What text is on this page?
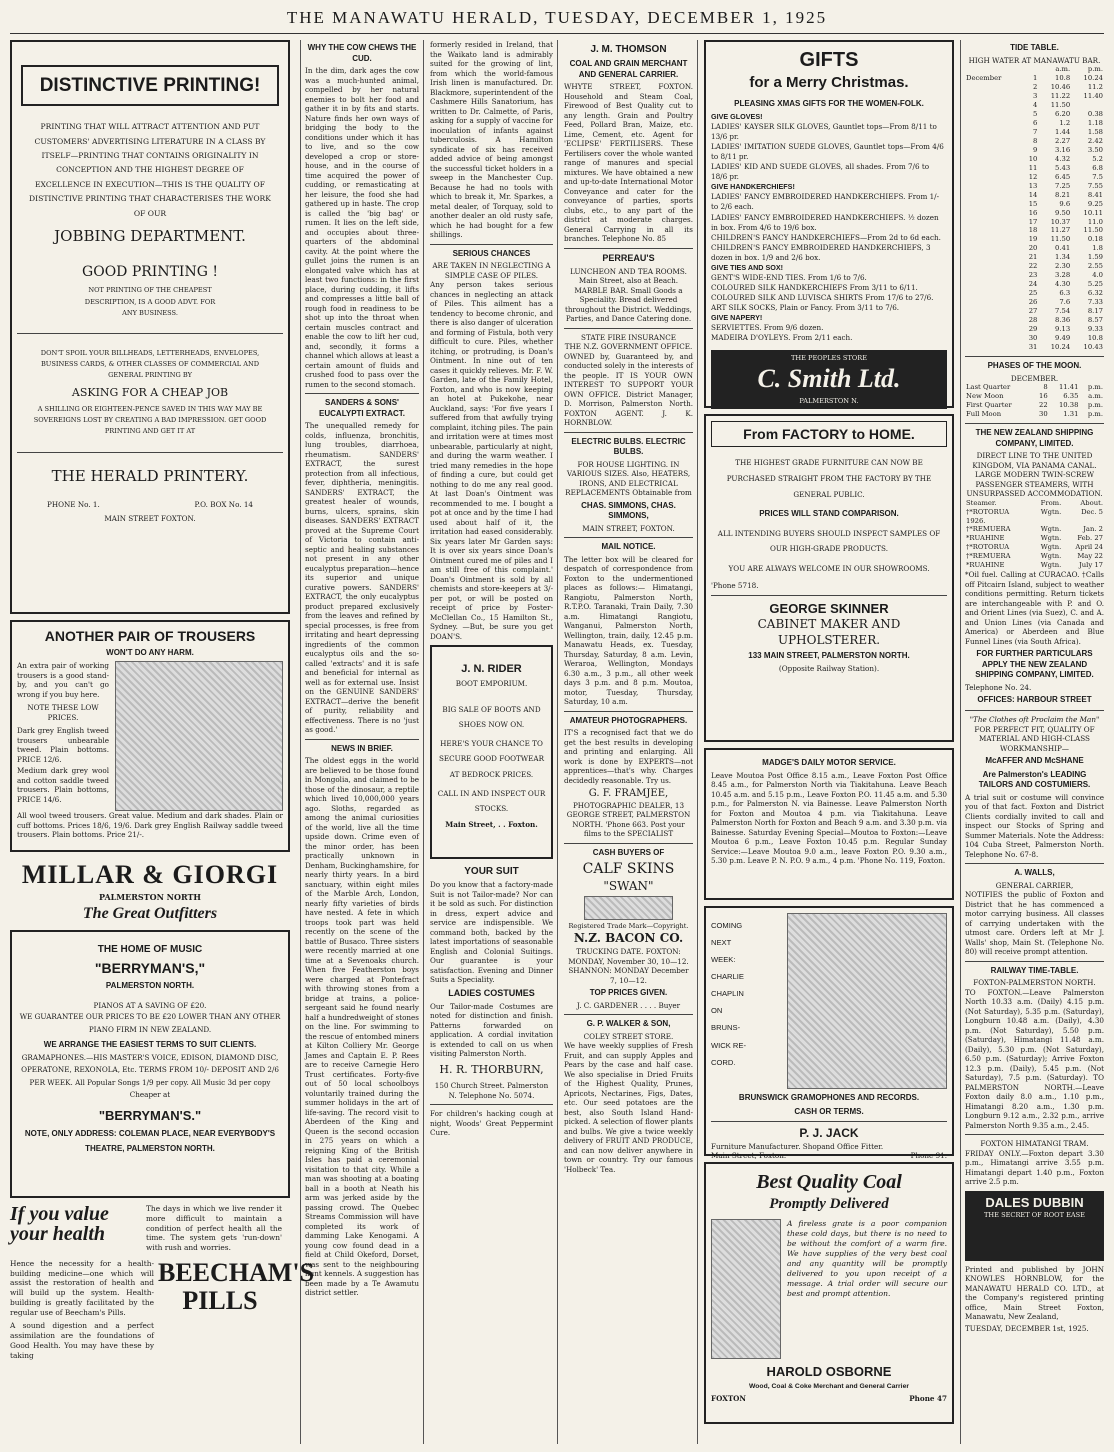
THE MANAWATU HERALD, TUESDAY, DECEMBER 1, 1925
DISTINCTIVE PRINTING!
PRINTING THAT WILL ATTRACT ATTENTION AND PUT CUSTOMERS' ADVERTISING LITERATURE IN A CLASS BY ITSELF—PRINTING THAT CONTAINS ORIGINALITY IN CONCEPTION AND THE HIGHEST DEGREE OF EXCELLENCE IN EXECUTION—THIS IS THE QUALITY OF DISTINCTIVE PRINTING THAT CHARACTERISES THE WORK OF OUR
JOBBING DEPARTMENT.
GOOD PRINTING !
NOT PRINTING OF THE CHEAPEST DESCRIPTION, IS A GOOD ADVT. FOR ANY BUSINESS.
DON'T SPOIL YOUR BILLHEADS, LETTERHEADS, ENVELOPES, BUSINESS CARDS, & OTHER CLASSES OF COMMERCIAL AND GENERAL PRINTING BY
ASKING FOR A CHEAP JOB
A SHILLING OR EIGHTEEN-PENCE SAVED IN THIS WAY MAY BE SOVEREIGNS LOST BY CREATING A BAD IMPRESSION. GET GOOD PRINTING AND GET IT AT
THE HERALD PRINTERY.
PHONE No. 1.	P.O. BOX No. 14
MAIN STREET FOXTON.
ANOTHER PAIR OF TROUSERS
WON'T DO ANY HARM.
An extra pair of working trousers is a good stand-by, and you can't go wrong if you buy here.
NOTE THESE LOW PRICES.
Dark grey English tweed trousers unbearable tweed. Plain bottoms. PRICE 12/6.
Medium dark grey wool and cotton saddle tweed trousers. Plain bottoms, PRICE 14/6.
All wool tweed trousers. Great value. Medium and dark shades. Plain or cuff bottoms. Prices 18/6, 19/6. Dark grey English Railway saddle tweed trousers. Plain bottoms. Price 21/-.
MILLAR & GIORGI
PALMERSTON NORTH
The Great Outfitters
THE HOME OF MUSIC
"BERRYMAN'S,"
PALMERSTON NORTH.
PIANOS AT A SAVING OF £20.
WE GUARANTEE OUR PRICES TO BE £20 LOWER THAN ANY OTHER PIANO FIRM IN NEW ZEALAND.
WE ARRANGE THE EASIEST TERMS TO SUIT CLIENTS.
GRAMAPHONES.—HIS MASTER'S VOICE, EDISON, DIAMOND DISC, OPERATONE, REXONOLA, Etc. TERMS FROM 10/- DEPOSIT AND 2/6 PER WEEK. All Popular Songs 1/9 per copy. All Music 3d per copy Cheaper at
"BERRYMAN'S."
NOTE, ONLY ADDRESS: COLEMAN PLACE, NEAR EVERYBODY'S THEATRE, PALMERSTON NORTH.
If you value your health
The days in which we live render it more difficult to maintain a condition of perfect health all the time. The system gets 'run-down' with rush and worries.
Hence the necessity for a health-building medicine—one which will assist the restoration of health and will build up the system. Health-building is greatly facilitated by the regular use of Beecham's Pills.
A sound digestion and a perfect assimilation are the foundations of Good Health. You may have these by taking
BEECHAM'S PILLS
WHY THE COW CHEWS THE CUD.
In the dim, dark ages the cow was a much-hunted animal, compelled by her natural enemies to bolt her food and gather it in by fits and starts. Nature finds her own ways of bridging the body to the conditions under which it has to live, and so the cow developed a crop or store-house, and in the course of time acquired the power of cudding, or remasticating at her leisure, the food she had gathered up in haste. The crop is called the 'big bag' or rumen. It lies on the left side, and occupies about three-quarters of the abdominal cavity. At the point where the gullet joins the rumen is an elongated valve which has at least two functions: in the first place, during cudding, it lifts and compresses a little ball of rough food in readiness to be shot up into the throat when certain muscles contract and enable the cow to lift her cud, and, secondly, it forms a channel which allows at least a certain amount of fluids and crushed food to pass over the rumen to the second stomach.
SANDERS & SONS' EUCALYPTI EXTRACT.
The unequalled remedy for colds, influenza, bronchitis, lung troubles, diarrhoea, rheumatism. SANDERS' EXTRACT, the surest protection from all infectious, fever, diphtheria, meningitis. SANDERS' EXTRACT, the greatest healer of wounds, burns, ulcers, sprains, skin diseases. SANDERS' EXTRACT proved at the Supreme Court of Victoria to contain anti-septic and healing substances not present in any other eucalyptus preparation—hence its superior and unique curative powers. SANDERS' EXTRACT, the only eucalyptus product prepared exclusively from the leaves and refined by special processes, is free from irritating and heart depressing ingredients of the common eucalyptus oils and the so-called 'extracts' and it is safe and beneficial for internal as well as for external use. Insist on the GENUINE SANDERS' EXTRACT—derive the benefit of purity, reliability and effectiveness. There is no 'just as good.'
NEWS IN BRIEF.
The oldest eggs in the world are believed to be those found in Mongolia, and claimed to be those of the dinosaur, a reptile which lived 10,000,000 years ago. Sloths, regarded as among the animal curiosities of the world, live all the time upside down. Crime even of the minor order, has been practically unknown in Denham, Buckinghamshire, for nearly thirty years. In a bird sanctuary, within eight miles of the Marble Arch, London, nearly fifty varieties of birds have nested. A fete in which troops took part was held recently on the scene of the battle of Busaco. Three sisters were recently married at one time at a Sevenoaks church. When five Featherston boys were charged at Pontefract with throwing stones from a bridge at trains, a police-sergeant said he found nearly half a hundredweight of stones on the line. For swimming to the rescue of entombed miners at Kilton Colliery Mr. George James and Captain E. P. Rees are to receive Carnegie Hero Trust certificates. Forty-five out of 50 local schoolboys voluntarily trained during the summer holidays in the art of life-saving. The record visit to Aberdeen of the King and Queen is the second occasion in 275 years on which a reigning King of the British Isles has paid a ceremonial visitation to that city. While a man was shooting at a boating ball in a booth at Neath his arm was jerked aside by the passing crowd. The Quebec Streams Commission will have completed its work of damming Lake Kenogami. A young cow found dead in a field at Child Okeford, Dorset, was sent to the neighbouring hunt kennels. A suggestion has been made by a Te Awamutu district settler.
formerly resided in Ireland, that the Waikato land is admirably suited for the growing of lint, from which the world-famous Irish linen is manufactured. Dr. Blackmore, superintendent of the Cashmere Hills Sanatorium, has written to Dr. Calmette, of Paris, asking for a supply of vaccine for inoculation of infants against tuberculosis. A Hamilton syndicate of six has received added advice of being amongst the successful ticket holders in a sweep in the Manchester Cup. Because he had no tools with which to break it, Mr. Sparkes, a metal dealer, of Torquay, sold to another dealer an old rusty safe, which he had bought for a few shillings.
SERIOUS CHANCES
ARE TAKEN IN NEGLECTING A SIMPLE CASE OF PILES.
Any person takes serious chances in neglecting an attack of Piles. This ailment has a tendency to become chronic, and there is also danger of ulceration and forming of Fistula, both very difficult to cure. Piles, whether itching, or protruding, is Doan's Ointment. In nine out of ten cases it quickly relieves. Mr. F. W. Garden, late of the Family Hotel, Foxton, and who is now keeping an hotel at Pukekohe, near Auckland, says: 'For five years I suffered from that awfully trying complaint, itching piles. The pain and irritation were at times most unbearable, particularly at night, and during the warm weather. I tried many remedies in the hope of finding a cure, but could get nothing to do me any real good. At last Doan's Ointment was recommended to me. I bought a pot at once and by the time I had used about half of it, the irritation had eased considerably. Six years later Mr Garden says: It is over six years since Doan's Ointment cured me of piles and I am still free of this complaint.' Doan's Ointment is sold by all chemists and store-keepers at 3/- per pot, or will be posted on receipt of price by Foster-McClellan Co., 15 Hamilton St., Sydney. —But, be sure you get DOAN'S.
J. N. RIDER
BOOT EMPORIUM.
BIG SALE OF BOOTS AND SHOES NOW ON.
HERE'S YOUR CHANCE TO SECURE GOOD FOOTWEAR AT BEDROCK PRICES.
CALL IN AND INSPECT OUR STOCKS.
Main Street, . . Foxton.
YOUR SUIT
Do you know that a factory-made Suit is not Tailor-made? Nor can it be sold as such. For distinction in dress, expert advice and service are indispensible. We command both, backed by the latest importations of seasonable English and Colonial Suitings. Our guarantee is your satisfaction. Evening and Dinner Suits a Speciality.
LADIES COSTUMES
Our Tailor-made Costumes are noted for distinction and finish. Patterns forwarded on application. A cordial invitation is extended to call on us when visiting Palmerston North.
H. R. THORBURN,
150 Church Street. Palmerston N. Telephone No. 5074.
For children's hacking cough at night, Woods' Great Peppermint Cure.
J. M. THOMSON
COAL AND GRAIN MERCHANT AND GENERAL CARRIER.
WHYTE STREET, FOXTON. Household and Steam Coal, Firewood of Best Quality cut to any length. Grain and Poultry Feed, Pollard Bran, Maize, etc. Lime, Cement, etc. Agent for 'ECLIPSE' FERTILISERS. These Fertilisers cover the whole wanted range of manures and special mixtures. We have obtained a new and up-to-date International Motor Conveyance and cater for the conveyance of parties, sports clubs, etc., to any part of the district at moderate charges. General Carrying in all its branches. Telephone No. 85
PERREAU'S
LUNCHEON AND TEA ROOMS. Main Street, also at Beach. MARBLE BAR. Small Goods a Speciality. Bread delivered throughout the District. Weddings, Parties, and Dance Catering done.
STATE FIRE INSURANCE
THE N.Z. GOVERNMENT OFFICE.
OWNED by, Guaranteed by, and conducted solely in the interests of the people. IT IS YOUR OWN INTEREST TO SUPPORT YOUR OWN OFFICE. District Manager, D. Morrison, Palmerston North. FOXTON AGENT. J. K. HORNBLOW.
ELECTRIC BULBS. ELECTRIC BULBS.
FOR HOUSE LIGHTING. IN VARIOUS SIZES. Also, HEATERS, IRONS, AND ELECTRICAL REPLACEMENTS Obtainable from
CHAS. SIMMONS, CHAS. SIMMONS,
MAIN STREET, FOXTON.
MAIL NOTICE.
The letter box will be cleared for despatch of correspondence from Foxton to the undermentioned places as follows:— Himatangi, Rangiotu, Palmerston North, R.T.P.O. Taranaki, Train Daily, 7.30 a.m. Himatangi Rangiotu, Wanganui, Palmerston North, Wellington, train, daily, 12.45 p.m. Manawatu Heads, ex. Tuesday, Thursday, Saturday, 8 a.m. Levin, Weraroa, Wellington, Mondays 6.30 a.m., 3 p.m., all other week days 3 p.m. and 8 p.m. Moutoa, motor, Tuesday, Thursday, Saturday, 10 a.m.
AMATEUR PHOTOGRAPHERS.
IT'S a recognised fact that we do get the best results in developing and printing and enlarging. All work is done by EXPERTS—not apprentices—that's why. Charges decidedly reasonable. Try us.
G. F. FRAMJEE,
PHOTOGRAPHIC DEALER, 13 GEORGE STREET, PALMERSTON NORTH. 'Phone 663. Post your films to the SPECIALIST
CASH BUYERS OF
CALF SKINS
"SWAN"
Registered Trade Mark—Copyright.
N.Z. BACON CO.
TRUCKING DATE. FOXTON: MONDAY, November 30, 10—12. SHANNON: MONDAY December 7, 10—12.
TOP PRICES GIVEN.
J. C. GARDENER . . . . Buyer
G. P. WALKER & SON,
COLEY STREET STORE.
We have weekly supplies of Fresh Fruit, and can supply Apples and Pears by the case and half case. We also specialise in Dried Fruits of the Highest Quality, Prunes, Apricots, Nectarines, Figs, Dates, etc. Our seed potatoes are the best, also South Island Hand-picked. A selection of flower plants and bulbs. We give a twice weekly delivery of FRUIT AND PRODUCE, and can now deliver anywhere in town or country. Try our famous 'Holbeck' Tea.
GIFTS
for a Merry Christmas.
PLEASING XMAS GIFTS FOR THE WOMEN-FOLK.
GIVE GLOVES!
LADIES' KAYSER SILK GLOVES, Gauntlet tops—From 8/11 to 13/6 pr.
LADIES' IMITATION SUEDE GLOVES, Gauntlet tops—From 4/6 to 8/11 pr.
LADIES' KID AND SUEDE GLOVES, all shades. From 7/6 to 18/6 pr.
GIVE HANDKERCHIEFS!
LADIES' FANCY EMBROIDERED HANDKERCHIEFS. From 1/- to 2/6 each.
LADIES' FANCY EMBROIDERED HANDKERCHIEFS. ½ dozen in box. From 4/6 to 19/6 box.
CHILDREN'S FANCY HANDKERCHIEFS—From 2d to 6d each.
CHILDREN'S FANCY EMBROIDERED HANDKERCHIEFS, 3 dozen in box. 1/9 and 2/6 box.
GIVE TIES AND SOX!
GENT'S WIDE-END TIES. From 1/6 to 7/6.
COLOURED SILK HANDKERCHIEFS From 3/11 to 6/11.
COLOURED SILK AND LUVISCA SHIRTS From 17/6 to 27/6.
ART SILK SOCKS, Plain or Fancy. From 3/11 to 7/6.
GIVE NAPERY!
SERVIETTES. From 9/6 dozen.
MADEIRA D'OYLEYS. From 2/11 each.
THE PEOPLES STORE
C. Smith Ltd.
PALMERSTON N.
From FACTORY to HOME.
THE HIGHEST GRADE FURNITURE CAN NOW BE PURCHASED STRAIGHT FROM THE FACTORY BY THE GENERAL PUBLIC.
PRICES WILL STAND COMPARISON.
ALL INTENDING BUYERS SHOULD INSPECT SAMPLES OF OUR HIGH-GRADE PRODUCTS.
YOU ARE ALWAYS WELCOME IN OUR SHOWROOMS.
'Phone 5718.
GEORGE SKINNER
CABINET MAKER AND UPHOLSTERER.
133 MAIN STREET, PALMERSTON NORTH.
(Opposite Railway Station).
MADGE'S DAILY MOTOR SERVICE.
Leave Moutoa Post Office 8.15 a.m., Leave Foxton Post Office 8.45 a.m., for Palmerston North via Tiakitahuna. Leave Beach 10.45 a.m. and 5.15 p.m., Leave Foxton P.O. 11.45 a.m. and 5.30 p.m., for Palmerston N. via Bainesse. Leave Palmerston North for Foxton and Moutoa 4 p.m. via Tiakitahuna. Leave Palmerston North for Foxton and Beach 9 a.m. and 3.30 p.m. via Bainesse. Saturday Evening Special—Moutoa to Foxton:—Leave Moutoa 6 p.m., Leave Foxton 10.45 p.m. Regular Sunday Service:—Leave Moutoa 9.0 a.m., leave Foxton P.O. 9.30 a.m., 5.30 p.m. Leave P. N. P.O. 9 a.m., 4 p.m. 'Phone No. 119, Foxton.
COMING
NEXT
WEEK:
CHARLIE
CHAPLIN
ON
BRUNS-
WICK RE-
CORD.
BRUNSWICK GRAMOPHONES AND RECORDS.
CASH OR TERMS.
P. J. JACK
Furniture Manufacturer. Shopand Office Fitter.
Main Street, Foxton.	Phone 91.
Best Quality Coal
Promptly Delivered
A fireless grate is a poor companion these cold days, but there is no need to be without the comfort of a warm fire. We have supplies of the very best coal and any quantity will be promptly delivered to you upon receipt of a message. A trial order will secure our best and prompt attention.
HAROLD OSBORNE
Wood, Coal & Coke Merchant and General Carrier
FOXTON	Phone 47
TIDE TABLE.
HIGH WATER AT MANAWATU BAR.
		a.m.	p.m.
December	1	10.8	10.24
	2	10.46	11.2
	3	11.22	11.40
	4	11.50	
	5	6.20	0.38
	6	1.2	1.18
	7	1.44	1.58
	8	2.27	2.42
	9	3.16	3.50
	10	4.32	5.2
	11	5.43	6.8
	12	6.45	7.5
	13	7.25	7.55
	14	8.21	8.41
	15	9.6	9.25
	16	9.50	10.11
	17	10.37	11.0
	18	11.27	11.50
	19	11.50	0.18
	20	0.41	1.8
	21	1.34	1.59
	22	2.30	2.55
	23	3.28	4.0
	24	4.30	5.25
	25	6.3	6.32
	26	7.6	7.33
	27	7.54	8.17
	28	8.36	8.57
	29	9.13	9.33
	30	9.49	10.8
	31	10.24	10.43
PHASES OF THE MOON.
DECEMBER.
Last Quarter	8	11.41	p.m.
New Moon	16	6.35	a.m.
First Quarter	22	10.38	p.m.
Full Moon	30	1.31	p.m.
THE NEW ZEALAND SHIPPING COMPANY, LIMITED.
DIRECT LINE TO THE UNITED KINGDOM, VIA PANAMA CANAL.
LARGE MODERN TWIN-SCREW PASSENGER STEAMERS, WITH UNSURPASSED ACCOMMODATION.
Steamer.	From.	About.
†*ROTORUA	Wgtn.	Dec. 5
1926.		
†*REMUERA	Wgtn.	Jan. 2
*RUAHINE	Wgtn.	Feb. 27
†*ROTORUA	Wgtn.	April 24
†*REMUERA	Wgtn.	May 22
*RUAHINE	Wgtn.	July 17
*Oil fuel. Calling at CURACAO. †Calls off Pitcairn Island, subject to weather conditions permitting. Return tickets are interchangeable with P. and O. and Orient Lines (via Suez), C. and A. and Union Lines (via Canada and America) or Aberdeen and Blue Funnel Lines (via South Africa).
FOR FURTHER PARTICULARS APPLY THE NEW ZEALAND SHIPPING COMPANY, LIMITED.
Telephone No. 24.
OFFICES: HARBOUR STREET
"The Clothes oft Proclaim the Man"
FOR PERFECT FIT, QUALITY OF MATERIAL AND HIGH-CLASS WORKMANSHIP—
McAFFER AND McSHANE
Are Palmerston's LEADING TAILORS AND COSTUMIERS.
A trial suit or costume will convince you of that fact. Foxton and District Clients cordially invited to call and inspect our Stocks of Spring and Summer Materials. Note the Address: 104 Cuba Street, Palmerston North. Telephone No. 67-8.
A. WALLS,
GENERAL CARRIER,
NOTIFIES the public of Foxton and District that he has commenced a motor carrying business. All classes of carrying undertaken with the utmost care. Orders left at Mr J. Walls' shop, Main St. (Telephone No. 80) will receive prompt attention.
RAILWAY TIME-TABLE.
FOXTON-PALMERSTON NORTH.
TO FOXTON.—Leave Palmerston North 10.33 a.m. (Daily) 4.15 p.m. (Not Saturday), 5.35 p.m. (Saturday), Longburn 10.48 a.m. (Daily), 4.30 p.m. (Not Saturday), 5.50 p.m. (Saturday), Himatangi 11.48 a.m. (Daily), 5.30 p.m. (Not Saturday), 6.50 p.m. (Saturday); Arrive Foxton 12.3 p.m. (Daily), 5.45 p.m. (Not Saturday), 7.5 p.m. (Saturday). TO PALMERSTON NORTH.—Leave Foxton daily 8.0 a.m., 1.10 p.m., Himatangi 8.20 a.m., 1.30 p.m. Longburn 9.12 a.m., 2.32 p.m., arrive Palmerston North 9.35 a.m., 2.45.
FOXTON HIMATANGI TRAM.
FRIDAY ONLY.—Foxton depart 3.30 p.m., Himatangi arrive 3.55 p.m. Himatangi depart 1.40 p.m., Foxton arrive 2.5 p.m.
DALES DUBBIN
THE SECRET OF ROOT EASE
Printed and published by JOHN KNOWLES HORNBLOW, for the MANAWATU HERALD CO. LTD., at the Company's registered printing office, Main Street Foxton, Manawatu, New Zealand,
TUESDAY, DECEMBER 1st, 1925.
